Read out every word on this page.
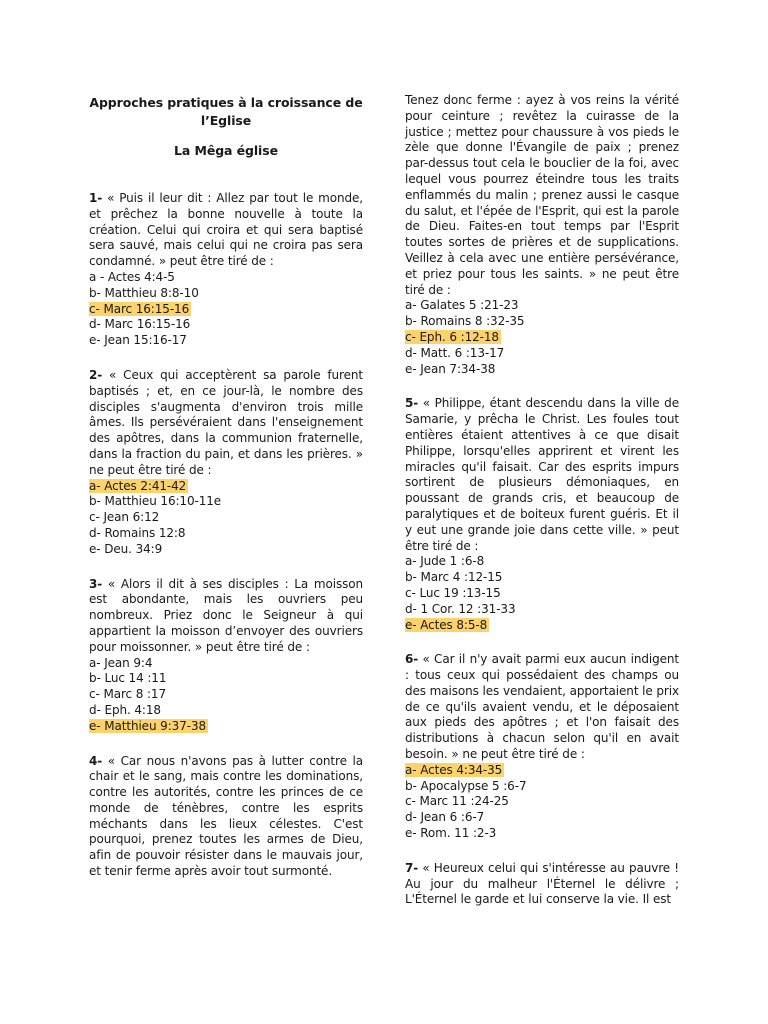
Approches pratiques à la croissance de l’Eglise
La Mêga église

1- « Puis il leur dit : Allez par tout le monde, et prêchez la bonne nouvelle à toute la création. Celui qui croira et qui sera baptisé sera sauvé, mais celui qui ne croira pas sera condamné. » peut être tiré de :

a - Actes 4:4-5
b- Matthieu 8:8-10
c- Marc 16:15-16
d- Marc 16:15-16
e- Jean 15:16-17

2- « Ceux qui acceptèrent sa parole furent baptisés ; et, en ce jour-là, le nombre des disciples s'augmenta d'environ trois mille âmes. Ils persévéraient dans l'enseignement des apôtres, dans la communion fraternelle, dans la fraction du pain, et dans les prières. » ne peut être tiré de :

a- Actes 2:41-42
b- Matthieu 16:10-11e
c- Jean 6:12
d- Romains 12:8
e- Deu. 34:9

3- « Alors il dit à ses disciples : La moisson est abondante, mais les ouvriers peu nombreux. Priez donc le Seigneur à qui appartient la moisson d’envoyer des ouvriers pour moissonner. » peut être tiré de :

a- Jean 9:4
b- Luc 14 :11
c- Marc 8 :17
d- Eph. 4:18
e- Matthieu 9:37-38

4- « Car nous n'avons pas à lutter contre la chair et le sang, mais contre les dominations, contre les autorités, contre les princes de ce monde de ténèbres, contre les esprits méchants dans les lieux célestes. C'est pourquoi, prenez toutes les armes de Dieu, afin de pouvoir résister dans le mauvais jour, et tenir ferme après avoir tout surmonté.

Tenez donc ferme : ayez à vos reins la vérité pour ceinture ; revêtez la cuirasse de la justice ; mettez pour chaussure à vos pieds le zèle que donne l'Évangile de paix ; prenez par-dessus tout cela le bouclier de la foi, avec lequel vous pourrez éteindre tous les traits enflammés du malin ; prenez aussi le casque du salut, et l'épée de l'Esprit, qui est la parole de Dieu. Faites-en tout temps par l'Esprit toutes sortes de prières et de supplications. Veillez à cela avec une entière persévérance, et priez pour tous les saints. » ne peut être tiré de :

a- Galates 5 :21-23
b- Romains 8 :32-35
c- Eph. 6 :12-18
d- Matt. 6 :13-17
e- Jean 7:34-38

5- « Philippe, étant descendu dans la ville de Samarie, y prêcha le Christ. Les foules tout entières étaient attentives à ce que disait Philippe, lorsqu'elles apprirent et virent les miracles qu'il faisait. Car des esprits impurs sortirent de plusieurs démoniaques, en poussant de grands cris, et beaucoup de paralytiques et de boiteux furent guéris. Et il y eut une grande joie dans cette ville. » peut être tiré de :

a- Jude 1 :6-8
b- Marc 4 :12-15
c- Luc 19 :13-15
d- 1 Cor. 12 :31-33
e- Actes 8:5-8

6- « Car il n'y avait parmi eux aucun indigent : tous ceux qui possédaient des champs ou des maisons les vendaient, apportaient le prix de ce qu'ils avaient vendu, et le déposaient aux pieds des apôtres ; et l'on faisait des distributions à chacun selon qu'il en avait besoin. » ne peut être tiré de :

a- Actes 4:34-35
b- Apocalypse 5 :6-7
c- Marc 11 :24-25
d- Jean 6 :6-7
e- Rom. 11 :2-3

7- « Heureux celui qui s'intéresse au pauvre ! Au jour du malheur l'Éternel le délivre ; L'Éternel le garde et lui conserve la vie. Il est
